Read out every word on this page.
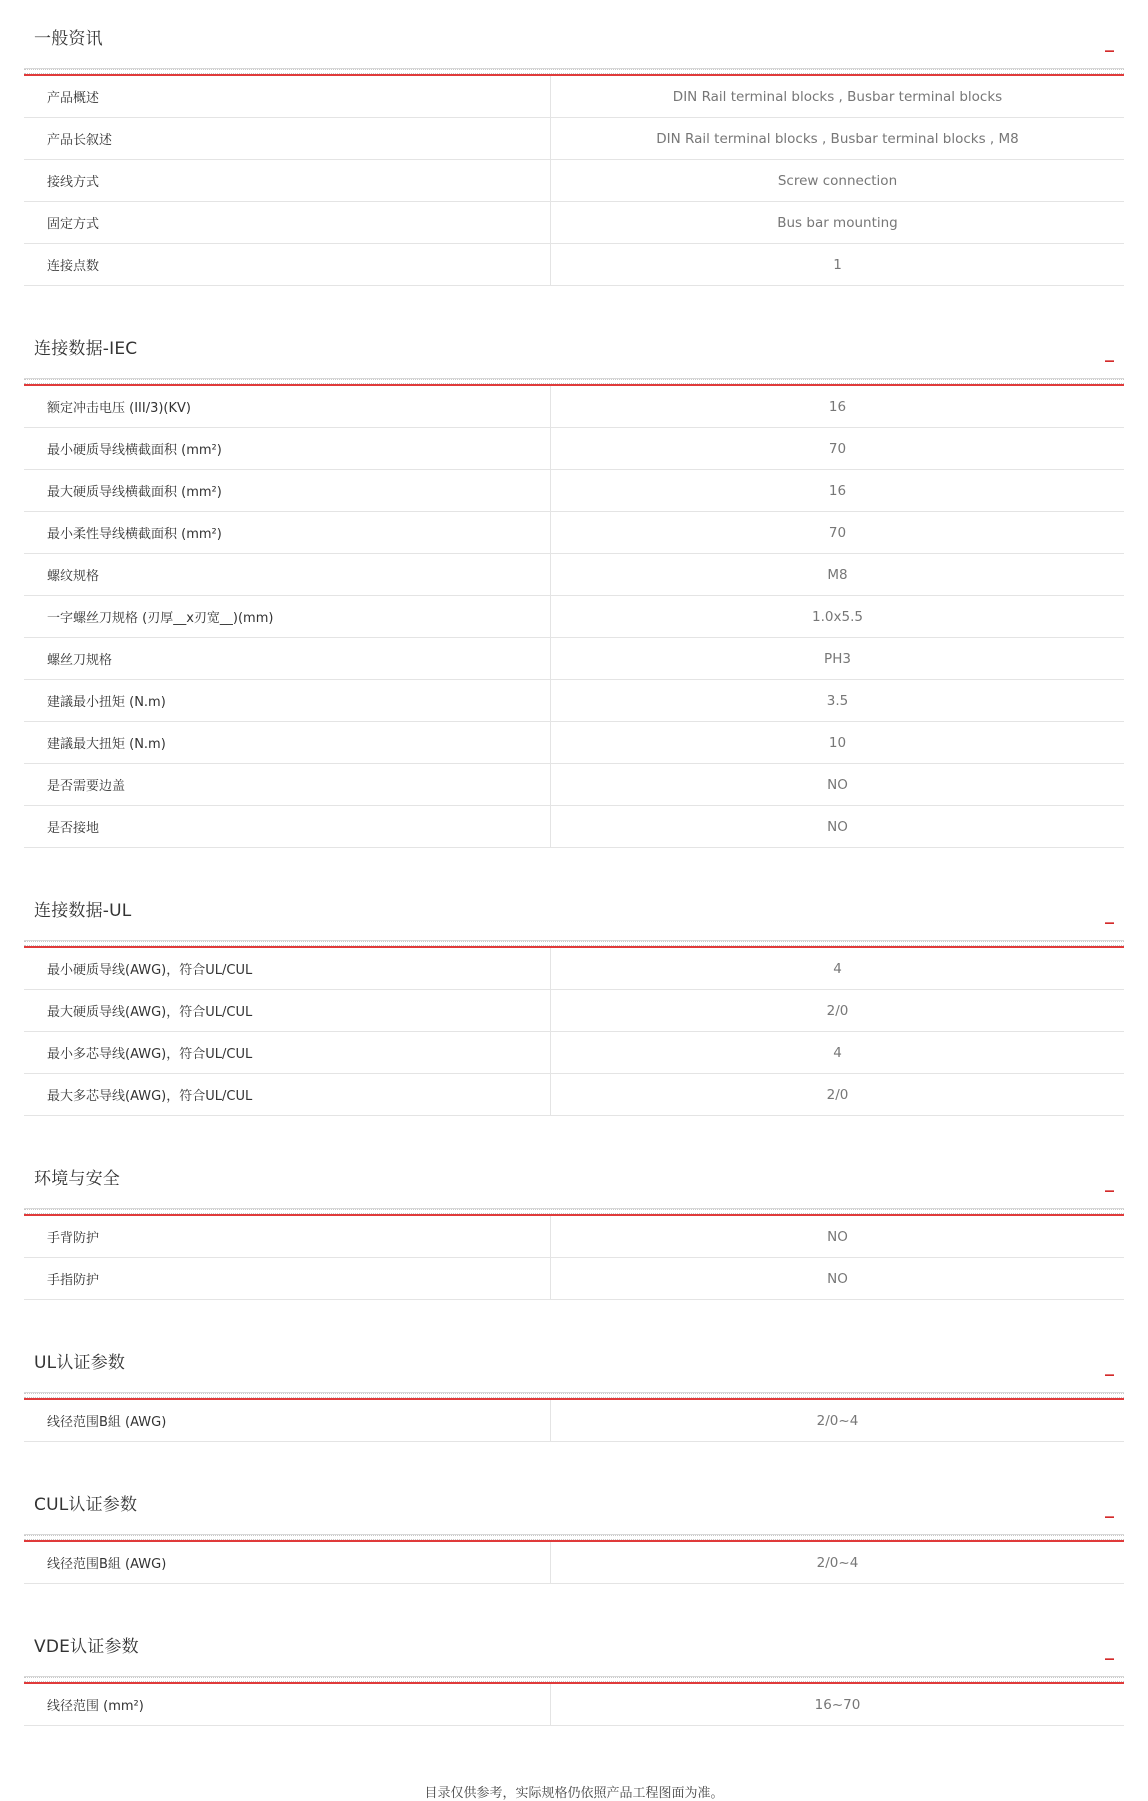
一般资讯	_
产品概述	DIN Rail terminal blocks , Busbar terminal blocks
产品长叙述	DIN Rail terminal blocks , Busbar terminal blocks , M8
接线方式	Screw connection
固定方式	Bus bar mounting
连接点数	1
连接数据-IEC	_
额定冲击电压 (III/3)(KV)	16
最小硬质导线横截面积 (mm²)	70
最大硬质导线横截面积 (mm²)	16
最小柔性导线横截面积 (mm²)	70
螺纹规格	M8
一字螺丝刀规格 (刃厚__x刃宽__)(mm)	1.0x5.5
螺丝刀规格	PH3
建議最小扭矩 (N.m)	3.5
建議最大扭矩 (N.m)	10
是否需要边盖	NO
是否接地	NO
连接数据-UL	_
最小硬质导线(AWG)，符合UL/CUL	4
最大硬质导线(AWG)，符合UL/CUL	2/0
最小多芯导线(AWG)，符合UL/CUL	4
最大多芯导线(AWG)，符合UL/CUL	2/0
环境与安全	_
手背防护	NO
手指防护	NO
UL认证参数	_
线径范围B組 (AWG)	2/0~4
CUL认证参数	_
线径范围B組 (AWG)	2/0~4
VDE认证参数	_
线径范围 (mm²)	16~70
目录仅供参考，实际规格仍依照产品工程图面为准。
